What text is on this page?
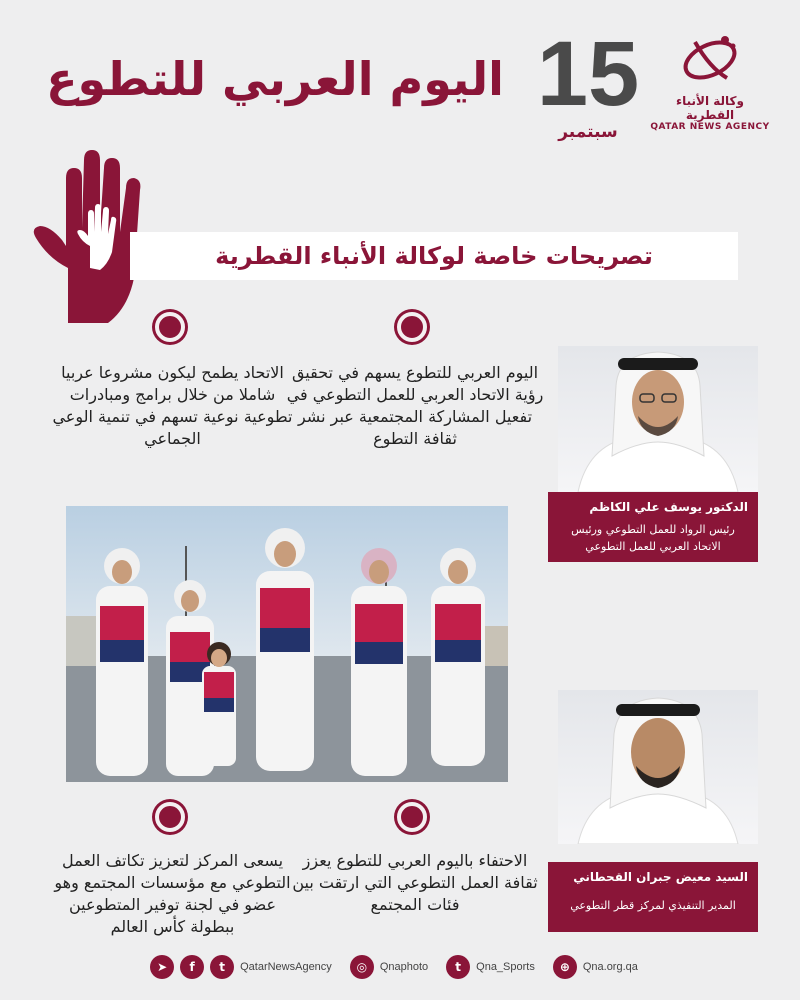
وكالة الأنباء القطرية
QATAR NEWS AGENCY
15
سبتمبر
اليوم العربي للتطوع
تصريحات خاصة لوكالة الأنباء القطرية
اليوم العربي للتطوع يسهم في تحقيق رؤية الاتحاد العربي للعمل التطوعي في تفعيل المشاركة المجتمعية عبر نشر ثقافة التطوع
الاتحاد يطمح ليكون مشروعا عربيا شاملا من خلال برامج ومبادرات تطوعية نوعية تسهم في تنمية الوعي الجماعي
الاحتفاء باليوم العربي للتطوع يعزز ثقافة العمل التطوعي التي ارتقت بين فئات المجتمع
يسعى المركز لتعزيز تكاتف العمل التطوعي مع مؤسسات المجتمع وهو عضو في لجنة توفير المتطوعين ببطولة كأس العالم
الدكتور يوسف علي الكاظم
رئيس الرواد للعمل التطوعي ورئيس الاتحاد العربي للعمل التطوعي
السيد معيض جبران القحطاني
المدير التنفيذي لمركز قطر التطوعي
➤	f	t	QatarNewsAgency	◎	Qnaphoto	t	Qna_Sports	⊕	Qna.org.qa
